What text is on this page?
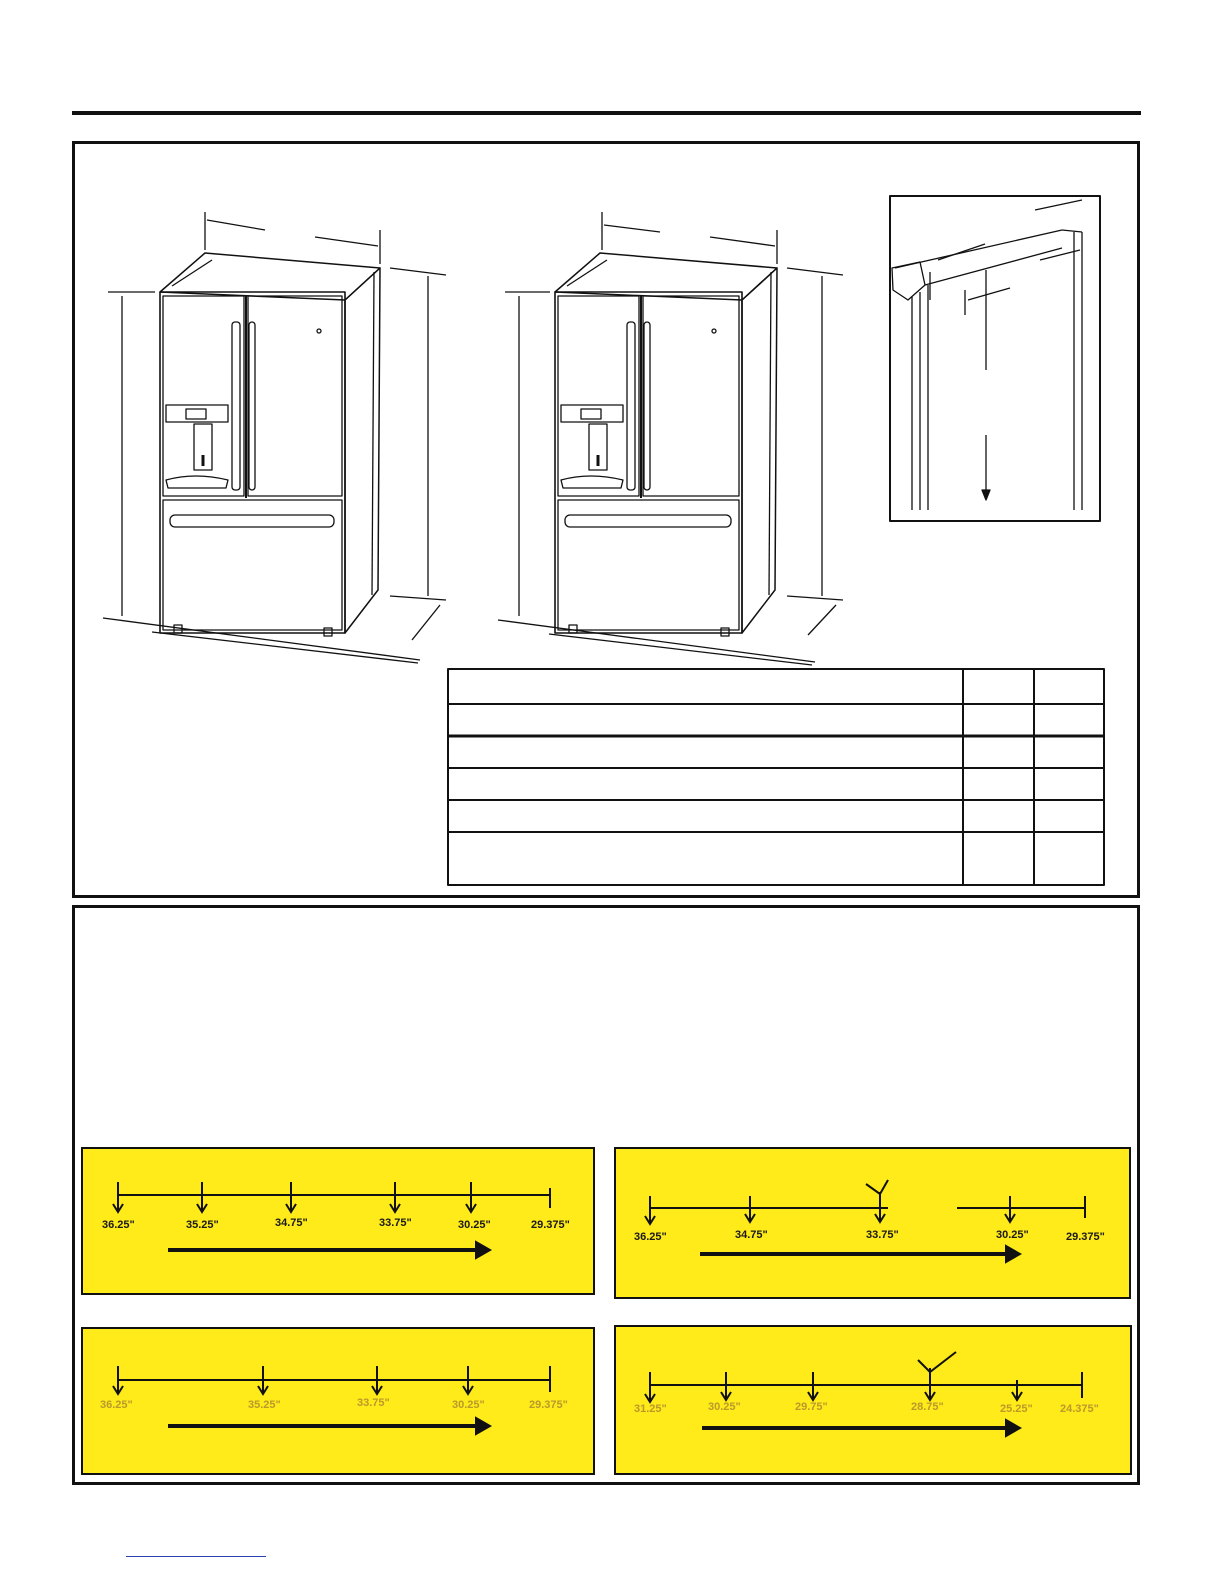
36.25"	35.25"	34.75"	33.75"	30.25"	29.375"
36.25"	34.75"	33.75"	30.25"	29.375"
36.25"	35.25"	33.75"	30.25"	29.375"	31.25"	30.25"	29.75"	28.75"	25.25" 24.375"
